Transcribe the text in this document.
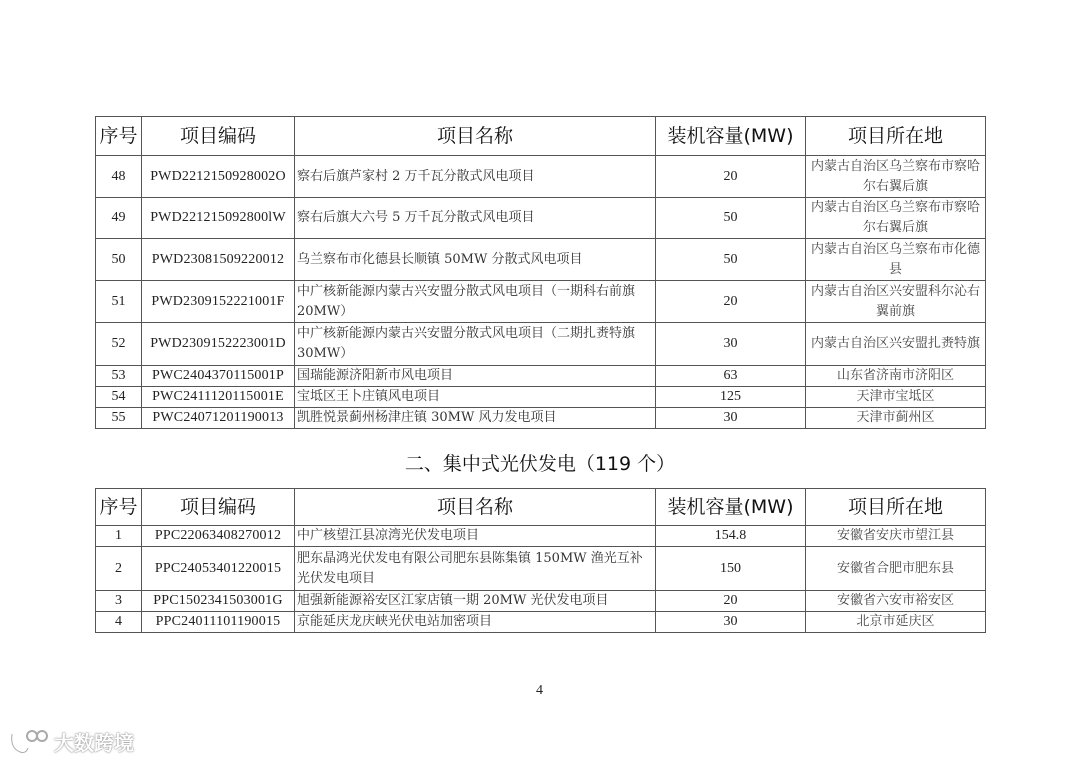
序号	项目编码	项目名称	装机容量(MW)	项目所在地
48	PWD2212150928002O	察右后旗芦家村 2 万千瓦分散式风电项目	20	内蒙古自治区乌兰察布市察哈尔右翼后旗
49	PWD221215092800lW	察右后旗大六号 5 万千瓦分散式风电项目	50	内蒙古自治区乌兰察布市察哈尔右翼后旗
50	PWD23081509220012	乌兰察布市化德县长顺镇 50MW 分散式风电项目	50	内蒙古自治区乌兰察布市化德县
51	PWD2309152221001F	中广核新能源内蒙古兴安盟分散式风电项目（一期科右前旗 20MW）	20	内蒙古自治区兴安盟科尔沁右翼前旗
52	PWD2309152223001D	中广核新能源内蒙古兴安盟分散式风电项目（二期扎赉特旗 30MW）	30	内蒙古自治区兴安盟扎赉特旗
53	PWC2404370115001P	国瑞能源济阳新市风电项目	63	山东省济南市济阳区
54	PWC2411120115001E	宝坻区王卜庄镇风电项目	125	天津市宝坻区
55	PWC24071201190013	凯胜悦景蓟州杨津庄镇 30MW 风力发电项目	30	天津市蓟州区
二、集中式光伏发电（119 个）
序号	项目编码	项目名称	装机容量(MW)	项目所在地
1	PPC22063408270012	中广核望江县凉湾光伏发电项目	154.8	安徽省安庆市望江县
2	PPC24053401220015	肥东晶鸿光伏发电有限公司肥东县陈集镇 150MW 渔光互补光伏发电项目	150	安徽省合肥市肥东县
3	PPC1502341503001G	旭强新能源裕安区江家店镇一期 20MW 光伏发电项目	20	安徽省六安市裕安区
4	PPC24011101190015	京能延庆龙庆峡光伏电站加密项目	30	北京市延庆区
4
大数跨境
